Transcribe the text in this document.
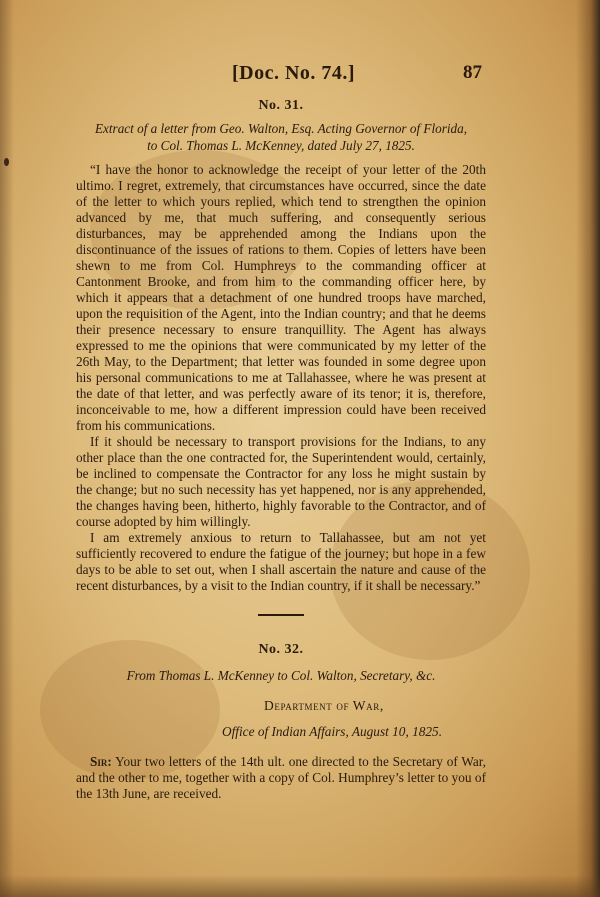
[Doc. No. 74.]	87
No. 31.
Extract of a letter from Geo. Walton, Esq. Acting Governor of Florida,
to Col. Thomas L. McKenney, dated July 27, 1825.

“I have the honor to acknowledge the receipt of your letter of the 20th ultimo. I regret, extremely, that circumstances have occurred, since the date of the letter to which yours replied, which tend to strengthen the opinion advanced by me, that much suffering, and consequently serious disturbances, may be apprehended among the Indians upon the discontinuance of the issues of rations to them. Copies of letters have been shewn to me from Col. Humphreys to the commanding officer at Cantonment Brooke, and from him to the commanding officer here, by which it appears that a detachment of one hundred troops have marched, upon the requisition of the Agent, into the Indian country; and that he deems their presence necessary to ensure tranquillity. The Agent has always expressed to me the opinions that were communicated by my letter of the 26th May, to the Department; that letter was founded in some degree upon his personal communications to me at Tallahassee, where he was present at the date of that letter, and was perfectly aware of its tenor; it is, therefore, inconceivable to me, how a different impression could have been received from his communications.

If it should be necessary to transport provisions for the Indians, to any other place than the one contracted for, the Superintendent would, certainly, be inclined to compensate the Contractor for any loss he might sustain by the change; but no such necessity has yet happened, nor is any apprehended, the changes having been, hitherto, highly favorable to the Contractor, and of course adopted by him willingly.

I am extremely anxious to return to Tallahassee, but am not yet sufficiently recovered to endure the fatigue of the journey; but hope in a few days to be able to set out, when I shall ascertain the nature and cause of the recent disturbances, by a visit to the Indian country, if it shall be necessary.”

No. 32.
From Thomas L. McKenney to Col. Walton, Secretary, &c.
Department of War,
Office of Indian Affairs, August 10, 1825.

Sir: Your two letters of the 14th ult. one directed to the Secretary of War, and the other to me, together with a copy of Col. Humphrey’s letter to you of the 13th June, are received.
